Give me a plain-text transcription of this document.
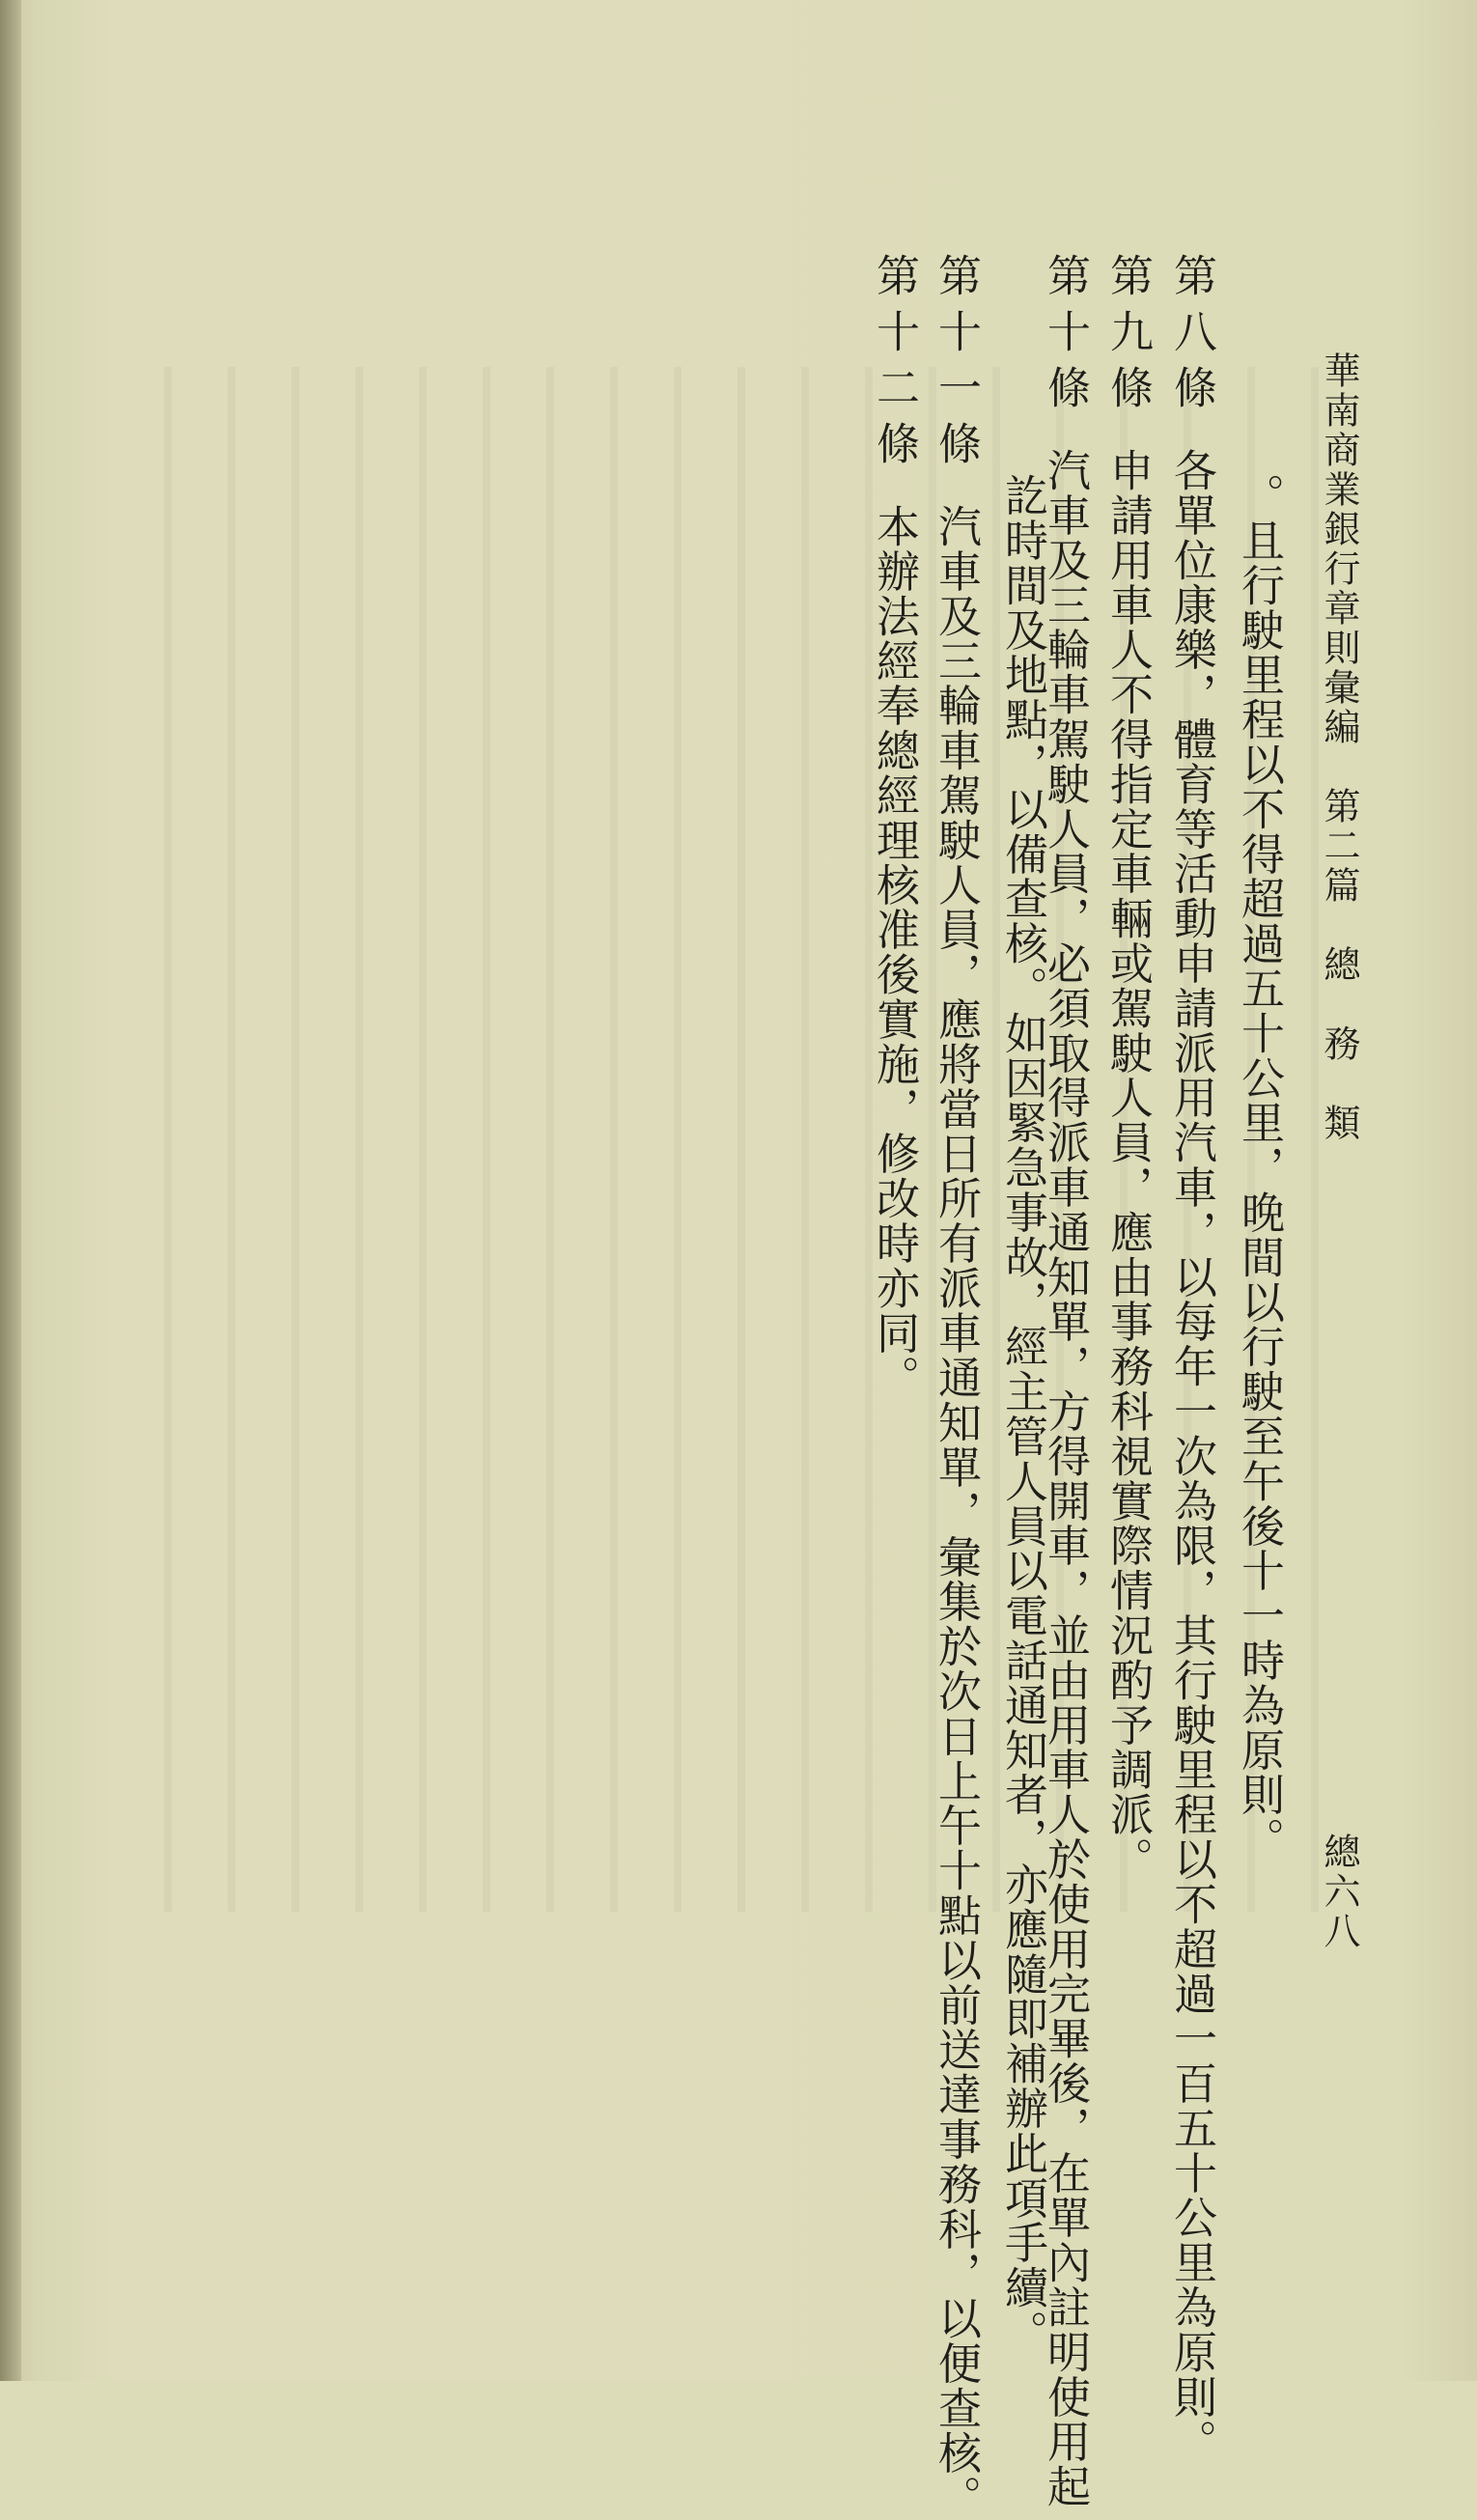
華南商業銀行章則彙編　第二篇　總　務　類
總六八
。且行駛里程以不得超過五十公里，晚間以行駛至午後十一時為原則。
第八條各單位康樂，體育等活動申請派用汽車，以每年一次為限，其行駛里程以不超過一百五十公里為原則。
第九條申請用車人不得指定車輛或駕駛人員，應由事務科視實際情況酌予調派。
第十條汽車及三輪車駕駛人員，必須取得派車通知單，方得開車，並由用車人於使用完畢後，在單內註明使用起
訖時間及地點，以備查核。如因緊急事故，經主管人員以電話通知者，亦應隨即補辦此項手續。
第十一條汽車及三輪車駕駛人員，應將當日所有派車通知單，彙集於次日上午十點以前送達事務科，以便查核。
第十二條本辦法經奉總經理核准後實施，修改時亦同。
